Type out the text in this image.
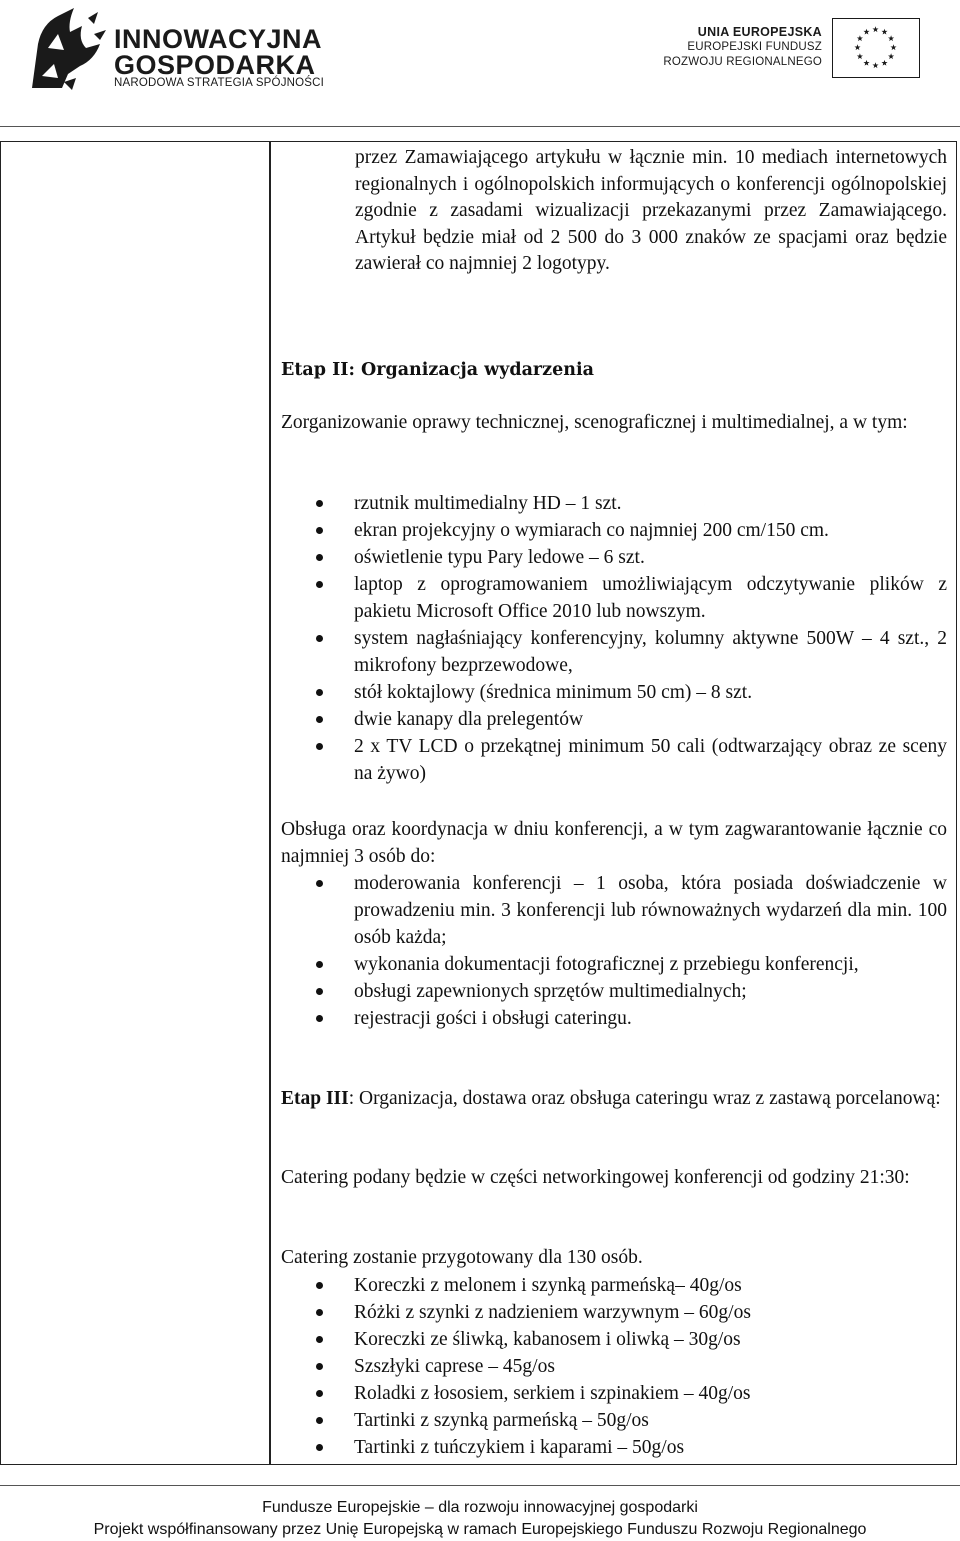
INNOWACYJNA
GOSPODARKA
NARODOWA STRATEGIA SPÓJNOŚCI
UNIA EUROPEJSKA
EUROPEJSKI FUNDUSZ
ROZWOJU REGIONALNEGO

przez Zamawiającego artykułu w łącznie min. 10 mediach internetowych regionalnych i ogólnopolskich informujących o konferencji ogólnopolskiej zgodnie z zasadami wizualizacji przekazanymi przez Zamawiającego. Artykuł będzie miał od 2 500 do 3 000 znaków ze spacjami oraz będzie zawierał co najmniej 2 logotypy.

Etap II: Organizacja wydarzenia

Zorganizowanie oprawy technicznej, scenograficznej i multimedialnej, a w tym:

rzutnik multimedialny HD – 1 szt.
ekran projekcyjny o wymiarach co najmniej 200 cm/150 cm.
oświetlenie typu Pary ledowe – 6 szt.
laptop z oprogramowaniem umożliwiającym odczytywanie plików z pakietu Microsoft Office 2010 lub nowszym.
system nagłaśniający konferencyjny, kolumny aktywne 500W – 4 szt., 2 mikrofony bezprzewodowe,
stół koktajlowy (średnica minimum 50 cm) – 8 szt.
dwie kanapy dla prelegentów
2 x TV LCD o przekątnej minimum 50 cali (odtwarzający obraz ze sceny na żywo)

Obsługa oraz koordynacja w dniu konferencji, a w tym zagwarantowanie łącznie co najmniej 3 osób do:

moderowania konferencji – 1 osoba, która posiada doświadczenie w prowadzeniu min. 3 konferencji lub równoważnych wydarzeń dla min. 100 osób każda;
wykonania dokumentacji fotograficznej z przebiegu konferencji,
obsługi zapewnionych sprzętów multimedialnych;
rejestracji gości i obsługi cateringu.

Etap III: Organizacja, dostawa oraz obsługa cateringu wraz z zastawą porcelanową:

Catering podany będzie w części networkingowej konferencji od godziny 21:30:

Catering zostanie przygotowany dla 130 osób.

Koreczki z melonem i szynką parmeńską– 40g/os
Różki z szynki z nadzieniem warzywnym – 60g/os
Koreczki ze śliwką, kabanosem i oliwką – 30g/os
Szszłyki caprese – 45g/os
Roladki z łososiem, serkiem i szpinakiem – 40g/os
Tartinki z szynką parmeńską – 50g/os
Tartinki z tuńczykiem i kaparami – 50g/os
Fundusze Europejskie – dla rozwoju innowacyjnej gospodarki
Projekt współfinansowany przez Unię Europejską w ramach Europejskiego Funduszu Rozwoju Regionalnego
